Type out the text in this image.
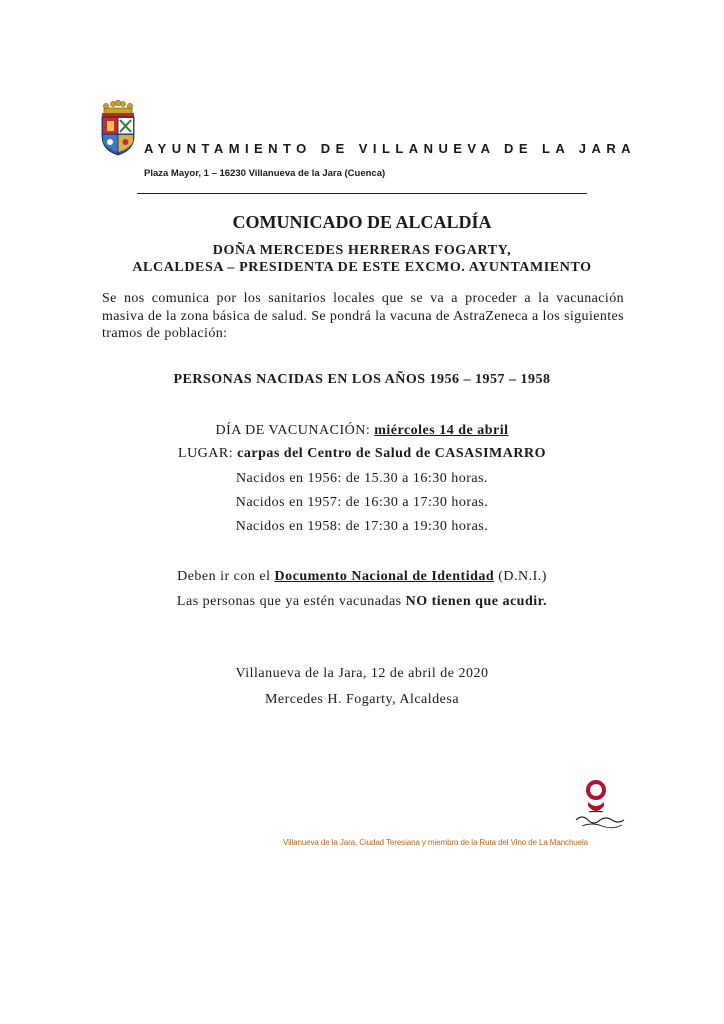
AYUNTAMIENTO DE VILLANUEVA DE LA JARA
Plaza Mayor, 1 – 16230 Villanueva de la Jara (Cuenca)
COMUNICADO DE ALCALDÍA
DOÑA MERCEDES HERRERAS FOGARTY,
ALCALDESA – PRESIDENTA DE ESTE EXCMO. AYUNTAMIENTO
Se nos comunica por los sanitarios locales que se va a proceder a la vacunación masiva de la zona básica de salud. Se pondrá la vacuna de AstraZeneca a los siguientes tramos de población:
PERSONAS NACIDAS EN LOS AÑOS 1956 – 1957 – 1958
DÍA DE VACUNACIÓN: miércoles 14 de abril
LUGAR: carpas del Centro de Salud de CASASIMARRO
Nacidos en 1956: de 15.30 a 16:30 horas.
Nacidos en 1957: de 16:30 a 17:30 horas.
Nacidos en 1958: de 17:30 a 19:30 horas.
Deben ir con el Documento Nacional de Identidad (D.N.I.)
Las personas que ya estén vacunadas NO tienen que acudir.
Villanueva de la Jara, 12 de abril de 2020
Mercedes H. Fogarty, Alcaldesa
Villanueva de la Jara, Ciudad Teresiana y miembro de la Ruta del Vino de La Manchuela
